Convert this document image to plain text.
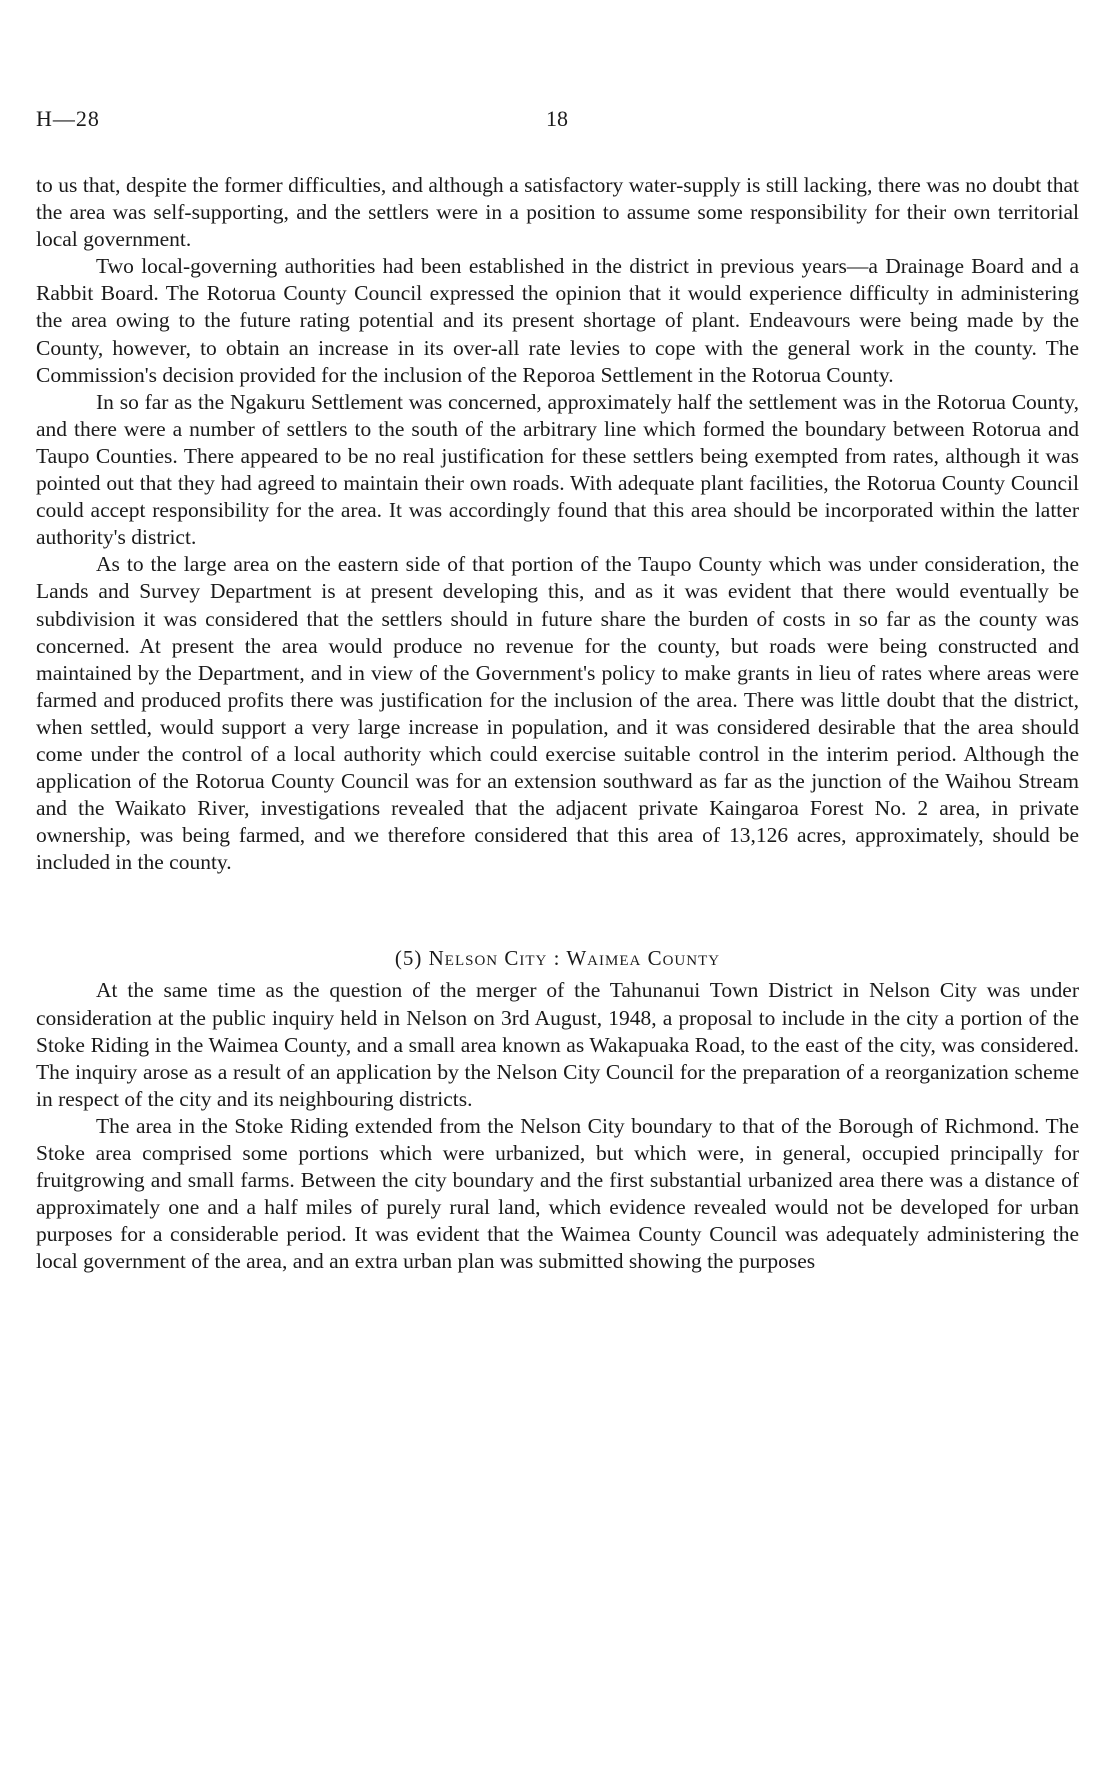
H—28	18

to us that, despite the former difficulties, and although a satisfactory water-supply is still lacking, there was no doubt that the area was self-supporting, and the settlers were in a position to assume some responsibility for their own territorial local government.

Two local-governing authorities had been established in the district in previous years—a Drainage Board and a Rabbit Board. The Rotorua County Council expressed the opinion that it would experience difficulty in administering the area owing to the future rating potential and its present shortage of plant. Endeavours were being made by the County, however, to obtain an increase in its over-all rate levies to cope with the general work in the county. The Commission's decision provided for the inclusion of the Reporoa Settlement in the Rotorua County.

In so far as the Ngakuru Settlement was concerned, approximately half the settlement was in the Rotorua County, and there were a number of settlers to the south of the arbitrary line which formed the boundary between Rotorua and Taupo Counties. There appeared to be no real justification for these settlers being exempted from rates, although it was pointed out that they had agreed to maintain their own roads. With adequate plant facilities, the Rotorua County Council could accept responsibility for the area. It was accordingly found that this area should be incorporated within the latter authority's district.

As to the large area on the eastern side of that portion of the Taupo County which was under consideration, the Lands and Survey Department is at present developing this, and as it was evident that there would eventually be subdivision it was considered that the settlers should in future share the burden of costs in so far as the county was concerned. At present the area would produce no revenue for the county, but roads were being constructed and maintained by the Department, and in view of the Government's policy to make grants in lieu of rates where areas were farmed and produced profits there was justification for the inclusion of the area. There was little doubt that the district, when settled, would support a very large increase in population, and it was considered desirable that the area should come under the control of a local authority which could exercise suitable control in the interim period. Although the application of the Rotorua County Council was for an extension southward as far as the junction of the Waihou Stream and the Waikato River, investigations revealed that the adjacent private Kaingaroa Forest No. 2 area, in private ownership, was being farmed, and we therefore considered that this area of 13,126 acres, approximately, should be included in the county.

(5) Nelson City : Waimea County

At the same time as the question of the merger of the Tahunanui Town District in Nelson City was under consideration at the public inquiry held in Nelson on 3rd August, 1948, a proposal to include in the city a portion of the Stoke Riding in the Waimea County, and a small area known as Wakapuaka Road, to the east of the city, was considered. The inquiry arose as a result of an application by the Nelson City Council for the preparation of a reorganization scheme in respect of the city and its neighbouring districts.

The area in the Stoke Riding extended from the Nelson City boundary to that of the Borough of Richmond. The Stoke area comprised some portions which were urbanized, but which were, in general, occupied principally for fruitgrowing and small farms. Between the city boundary and the first substantial urbanized area there was a distance of approximately one and a half miles of purely rural land, which evidence revealed would not be developed for urban purposes for a considerable period. It was evident that the Waimea County Council was adequately administering the local government of the area, and an extra urban plan was submitted showing the purposes
